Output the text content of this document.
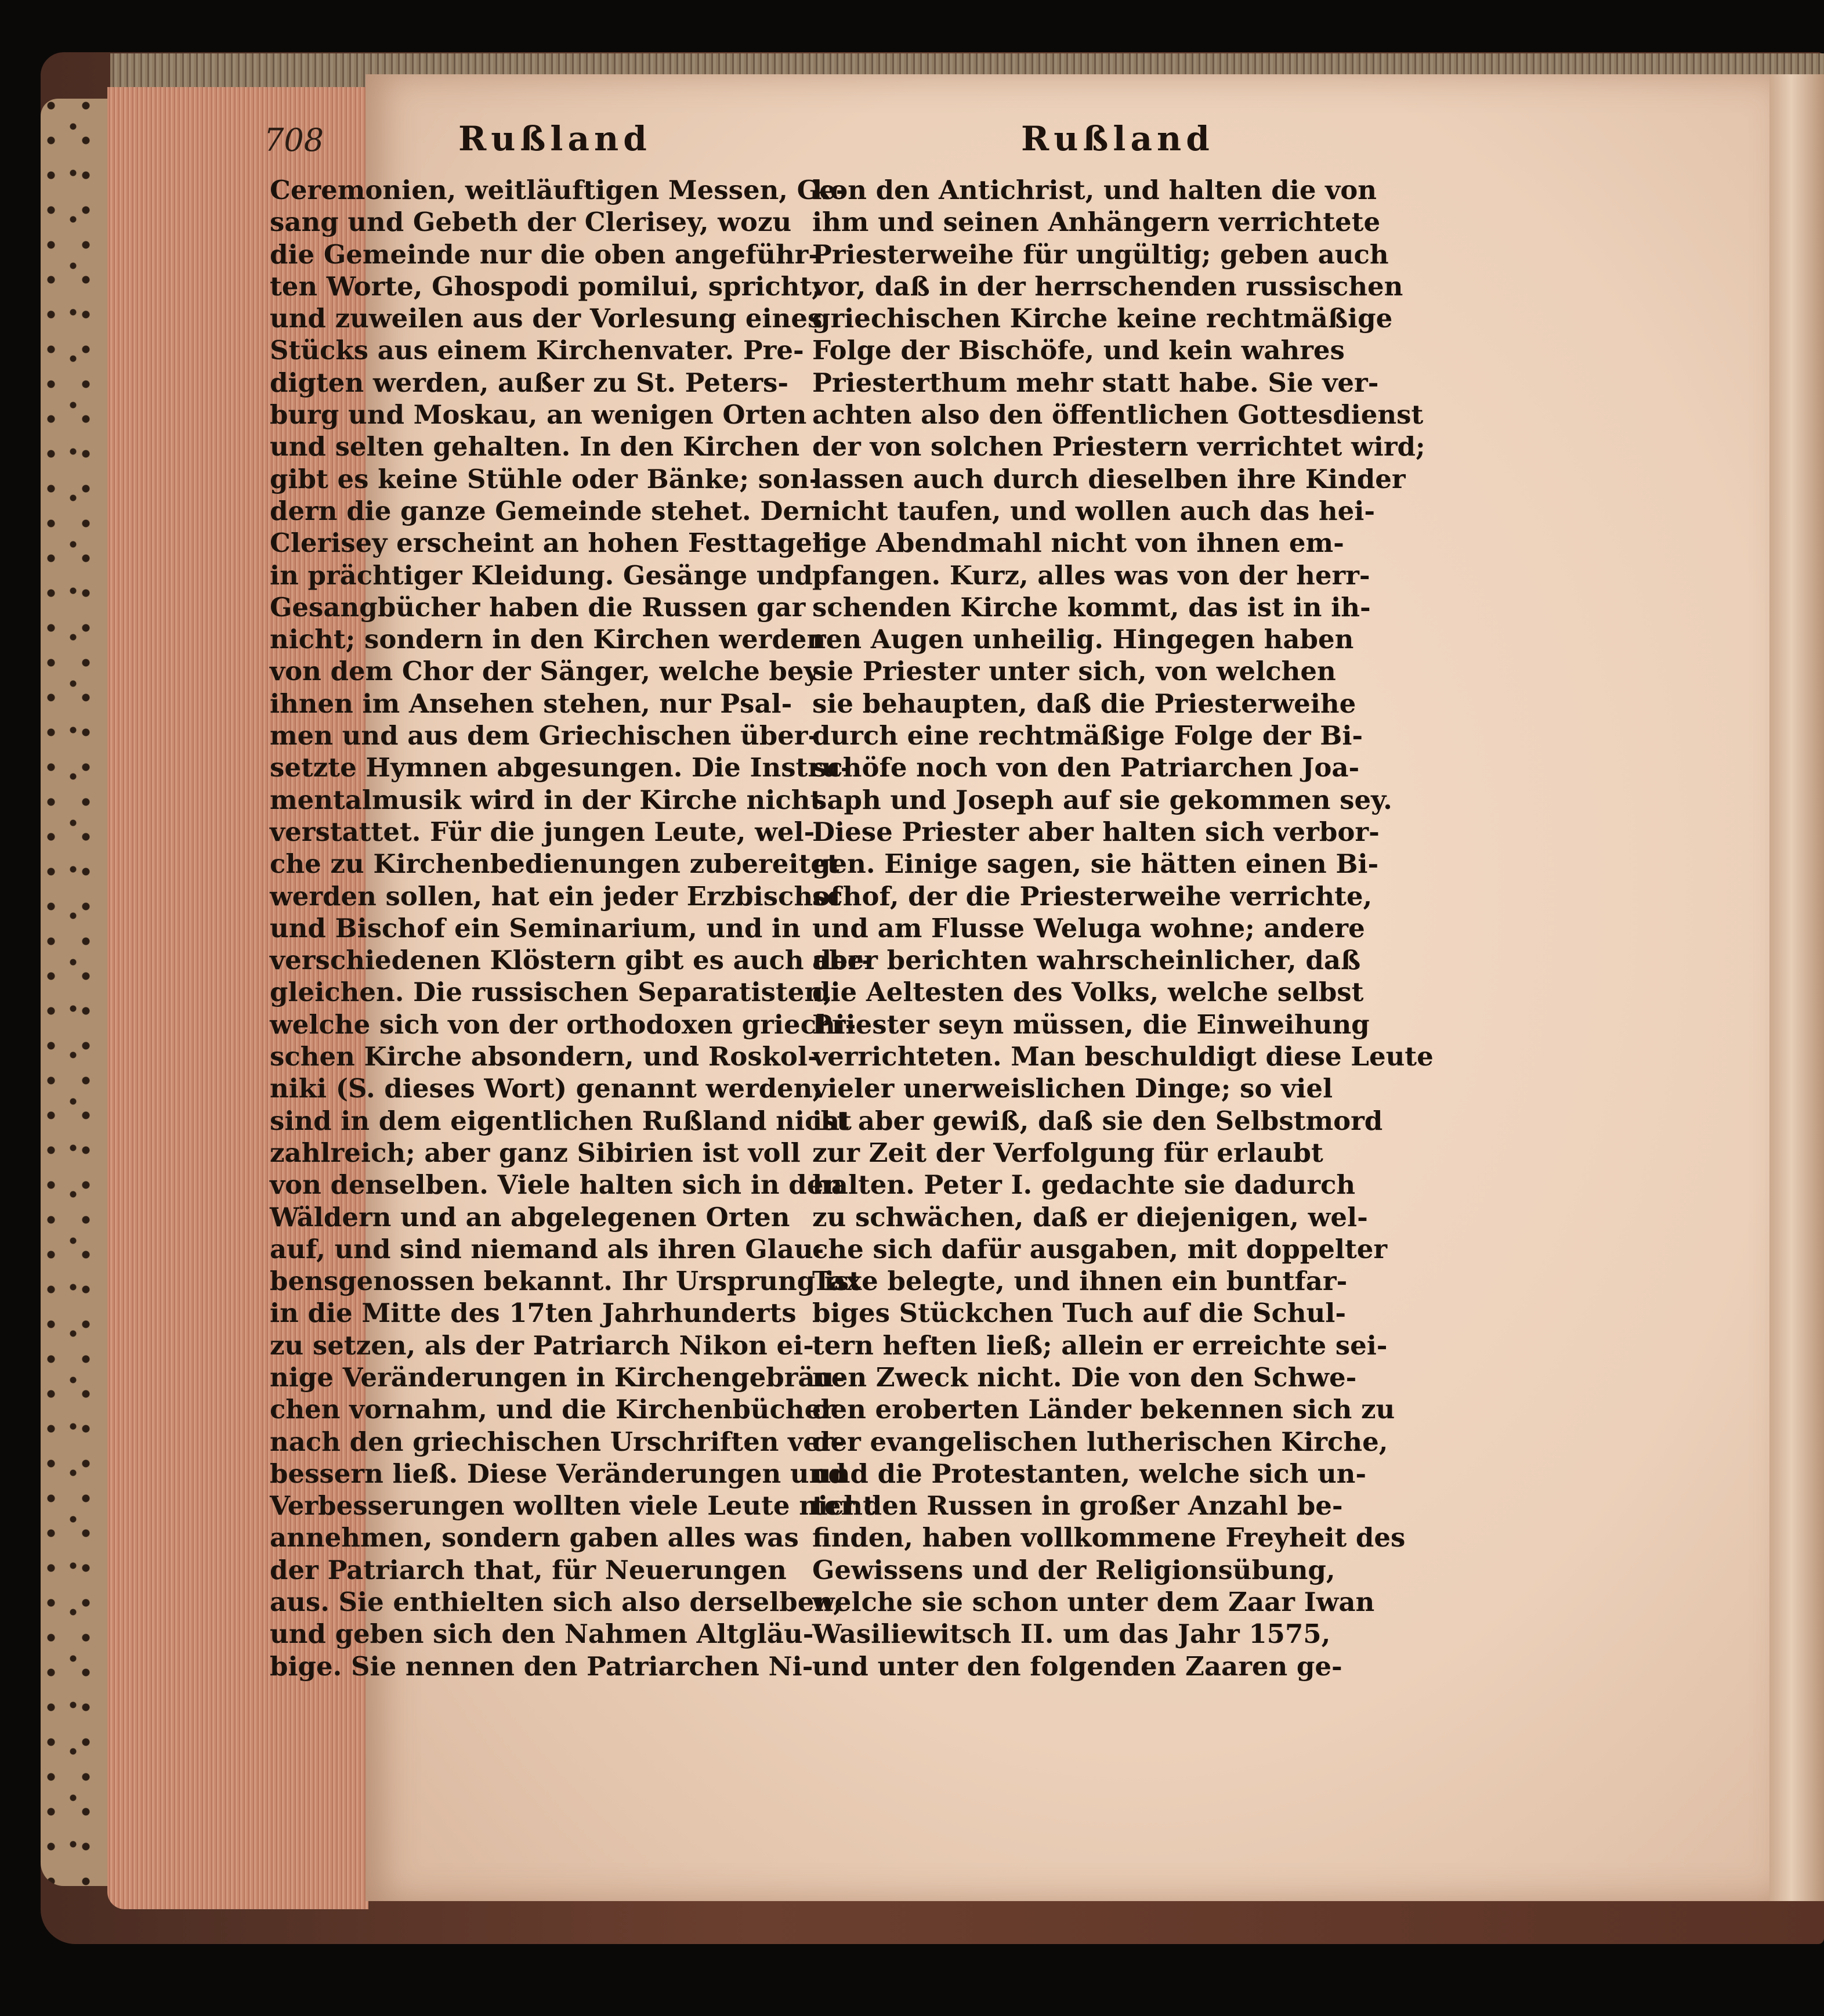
708	Rußland	Rußland
Ceremonien, weitläuftigen Messen, Ge-
sang und Gebeth der Clerisey, wozu
die Gemeinde nur die oben angeführ-
ten Worte, Ghospodi pomilui, spricht,
und zuweilen aus der Vorlesung eines
Stücks aus einem Kirchenvater. Pre-
digten werden, außer zu St. Peters-
burg und Moskau, an wenigen Orten
und selten gehalten. In den Kirchen
gibt es keine Stühle oder Bänke; son-
dern die ganze Gemeinde stehet. Der
Clerisey erscheint an hohen Festtagen
in prächtiger Kleidung. Gesänge und
Gesangbücher haben die Russen gar
nicht; sondern in den Kirchen werden
von dem Chor der Sänger, welche bey
ihnen im Ansehen stehen, nur Psal-
men und aus dem Griechischen über-
setzte Hymnen abgesungen. Die Instru-
mentalmusik wird in der Kirche nicht
verstattet. Für die jungen Leute, wel-
che zu Kirchenbedienungen zubereitet
werden sollen, hat ein jeder Erzbischof
und Bischof ein Seminarium, und in
verschiedenen Klöstern gibt es auch der-
gleichen. Die russischen Separatisten,
welche sich von der orthodoxen griechi-
schen Kirche absondern, und Roskol-
niki (S. dieses Wort) genannt werden,
sind in dem eigentlichen Rußland nicht
zahlreich; aber ganz Sibirien ist voll
von denselben. Viele halten sich in den
Wäldern und an abgelegenen Orten
auf, und sind niemand als ihren Glau-
bensgenossen bekannt. Ihr Ursprung ist
in die Mitte des 17ten Jahrhunderts
zu setzen, als der Patriarch Nikon ei-
nige Veränderungen in Kirchengebräu-
chen vornahm, und die Kirchenbücher
nach den griechischen Urschriften ver-
bessern ließ. Diese Veränderungen und
Verbesserungen wollten viele Leute nicht
annehmen, sondern gaben alles was
der Patriarch that, für Neuerungen
aus. Sie enthielten sich also derselben,
und geben sich den Nahmen Altgläu-
bige. Sie nennen den Patriarchen Ni-
kon den Antichrist, und halten die von
ihm und seinen Anhängern verrichtete
Priesterweihe für ungültig; geben auch
vor, daß in der herrschenden russischen
griechischen Kirche keine rechtmäßige
Folge der Bischöfe, und kein wahres
Priesterthum mehr statt habe. Sie ver-
achten also den öffentlichen Gottesdienst
der von solchen Priestern verrichtet wird;
lassen auch durch dieselben ihre Kinder
nicht taufen, und wollen auch das hei-
lige Abendmahl nicht von ihnen em-
pfangen. Kurz, alles was von der herr-
schenden Kirche kommt, das ist in ih-
ren Augen unheilig. Hingegen haben
sie Priester unter sich, von welchen
sie behaupten, daß die Priesterweihe
durch eine rechtmäßige Folge der Bi-
schöfe noch von den Patriarchen Joa-
saph und Joseph auf sie gekommen sey.
Diese Priester aber halten sich verbor-
gen. Einige sagen, sie hätten einen Bi-
schof, der die Priesterweihe verrichte,
und am Flusse Weluga wohne; andere
aber berichten wahrscheinlicher, daß
die Aeltesten des Volks, welche selbst
Priester seyn müssen, die Einweihung
verrichteten. Man beschuldigt diese Leute
vieler unerweislichen Dinge; so viel
ist aber gewiß, daß sie den Selbstmord
zur Zeit der Verfolgung für erlaubt
halten. Peter I. gedachte sie dadurch
zu schwächen, daß er diejenigen, wel-
che sich dafür ausgaben, mit doppelter
Taxe belegte, und ihnen ein buntfar-
biges Stückchen Tuch auf die Schul-
tern heften ließ; allein er erreichte sei-
nen Zweck nicht. Die von den Schwe-
den eroberten Länder bekennen sich zu
der evangelischen lutherischen Kirche,
und die Protestanten, welche sich un-
ter den Russen in großer Anzahl be-
finden, haben vollkommene Freyheit des
Gewissens und der Religionsübung,
welche sie schon unter dem Zaar Iwan
Wasiliewitsch II. um das Jahr 1575,
und unter den folgenden Zaaren ge-
